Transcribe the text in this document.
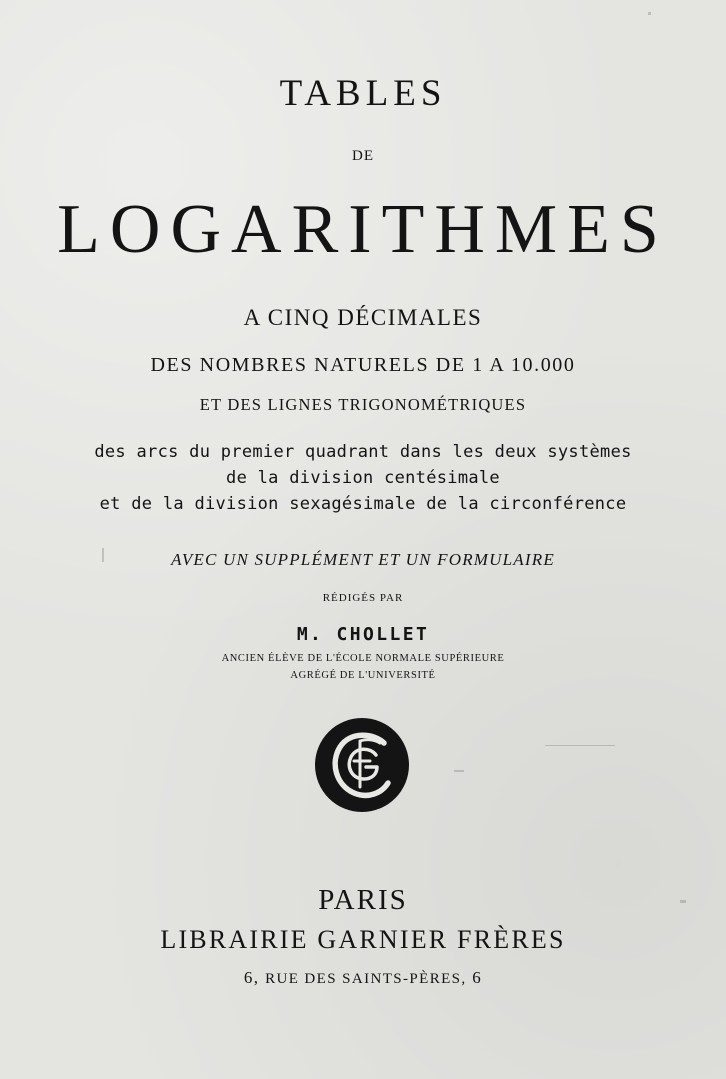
TABLES
DE
LOGARITHMES
A CINQ DÉCIMALES
DES NOMBRES NATURELS DE 1 A 10.000
ET DES LIGNES TRIGONOMÉTRIQUES
des arcs du premier quadrant dans les deux systèmes
de la division centésimale
et de la division sexagésimale de la circonférence
AVEC UN SUPPLÉMENT ET UN FORMULAIRE
RÉDIGÉS PAR
M. CHOLLET
ANCIEN ÉLÈVE DE L'ÉCOLE NORMALE SUPÉRIEURE
AGRÉGÉ DE L'UNIVERSITÉ
PARIS
LIBRAIRIE GARNIER FRÈRES
6, RUE DES SAINTS-PÈRES, 6
